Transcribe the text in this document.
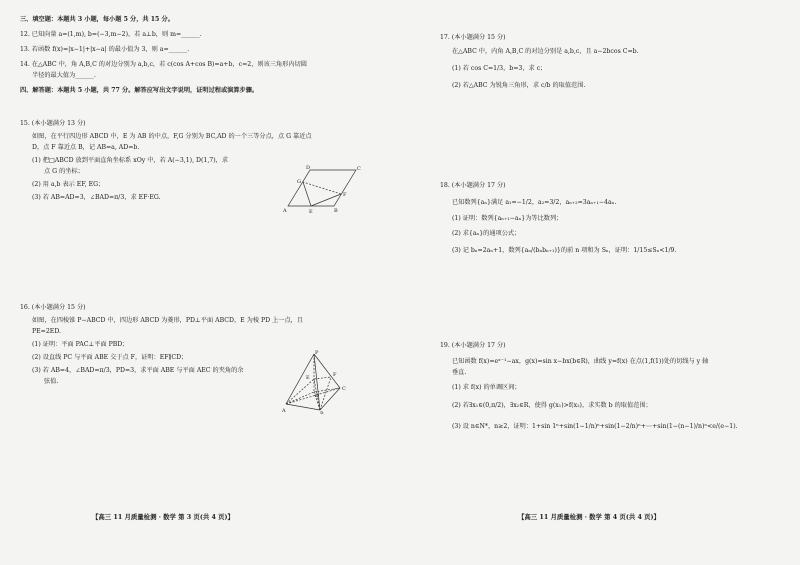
三、填空题：本题共 3 小题，每小题 5 分，共 15 分。
12. 已知向量 a=(1,m), b=(−3,m−2)，若 a⊥b，则 m=______.
13. 若函数 f(x)=|x−1|+|x−a| 的最小值为 3，则 a=______.
14. 在△ABC 中，角 A,B,C 的对边分别为 a,b,c，若 c(cos A+cos B)=a+b，c=2，则该三角形内切圆
半径的最大值为______.
四、解答题：本题共 5 小题，共 77 分。解答应写出文字说明，证明过程或演算步骤。
15. (本小题满分 13 分)
如图，在平行四边形 ABCD 中，E 为 AB 的中点，F,G 分别为 BC,AD 的一个三等分点，点 G 靠近点
D，点 F 靠近点 B，记 AB=a, AD=b.
(1) 把□ABCD 放到平面直角坐标系 xOy 中，若 A(−3,1), D(1,7)，求
点 G 的坐标；
(2) 用 a,b 表示 EF, EG；
(3) 若 AB=AD=3，∠BAD=π/3，求 EF·EG.
A	B
C
D
E
F
G
16. (本小题满分 15 分)
如图，在四棱锥 P−ABCD 中，四边形 ABCD 为菱形，PD⊥平面 ABCD，E 为棱 PD 上一点，且
PE=2ED.
(1) 证明：平面 PAC⊥平面 PBD；
(2) 设直线 PC 与平面 ABE 交于点 F，证明：EF∥CD；
(3) 若 AB=4，∠BAD=π/3，PD=3，求平面 ABE 与平面 AEC 的夹角的余
弦值.
P
A	B
C
D
E	F
【高三 11 月质量检测 · 数学 第 3 页(共 4 页)】
17. (本小题满分 15 分)
在△ABC 中，内角 A,B,C 的对边分别是 a,b,c，且 a−2bcos C=b.
(1) 若 cos C=1/3，b=3，求 c；
(2) 若△ABC 为锐角三角形，求 c/b 的取值范围.
18. (本小题满分 17 分)
已知数列{aₙ}满足 a₁=−1/2，a₂=3/2，aₙ₊₂=3aₙ₊₁−4aₙ.
(1) 证明：数列{aₙ₊₁−aₙ}为等比数列；
(2) 求{aₙ}的通项公式；
(3) 记 bₙ=2aₙ+1，数列{aₙ/(bₙbₙ₊₁)}的前 n 项和为 Sₙ，证明：1/15≤Sₙ<1/9.
19. (本小题满分 17 分)
已知函数 f(x)=eˣ⁻¹−ax，g(x)=sin x−bx(b∈R)，曲线 y=f(x) 在点(1,f(1))处的切线与 y 轴
垂直.
(1) 求 f(x) 的单调区间；
(2) 若∃x₁∈(0,π/2)，∃x₂∈R，使得 g(x₁)>f(x₂)，求实数 b 的取值范围；
(3) 设 n∈N*，n≥2，证明：1+sin 1ⁿ+sin(1−1/n)ⁿ+sin(1−2/n)ⁿ+⋯+sin(1−(n−1)/n)ⁿ<e/(e−1).
【高三 11 月质量检测 · 数学 第 4 页(共 4 页)】
